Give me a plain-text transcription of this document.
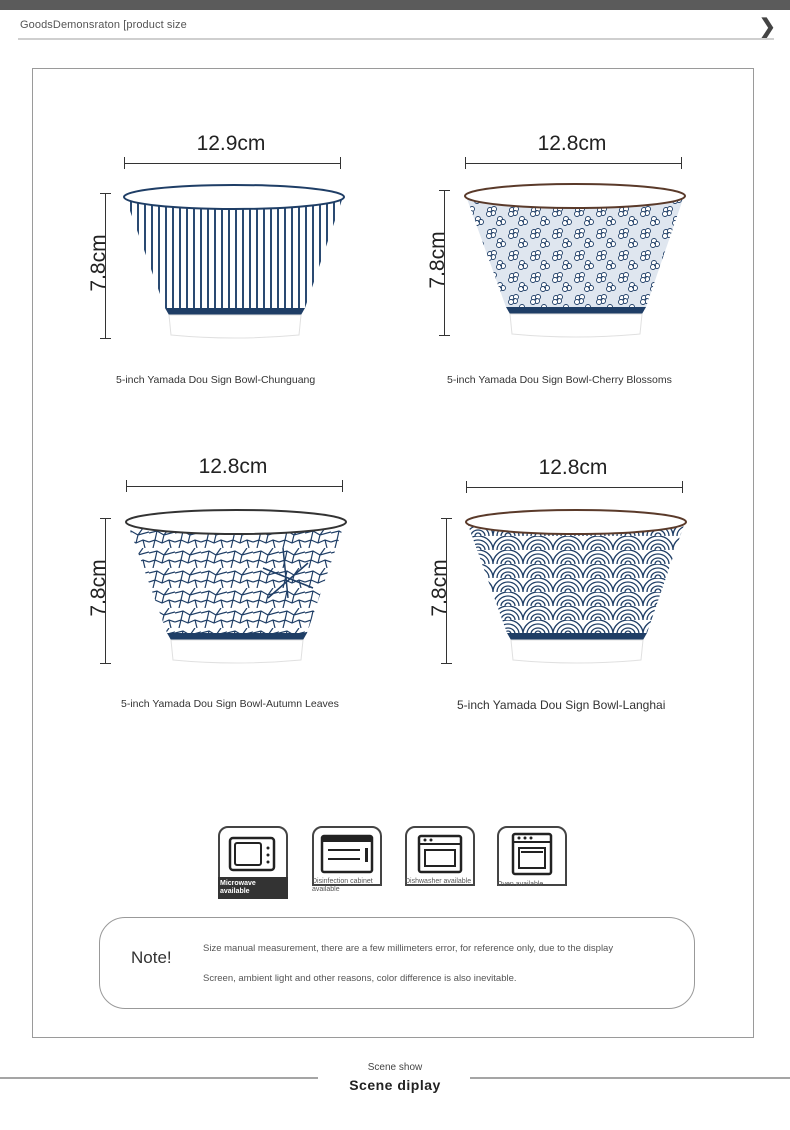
GoodsDemonsraton [product size	❯
12.9cm
7.8cm
5-inch Yamada Dou Sign Bowl-Chunguang
12.8cm
7.8cm
5-inch Yamada Dou Sign Bowl-Cherry Blossoms
12.8cm
7.8cm
5-inch Yamada Dou Sign Bowl-Autumn Leaves
12.8cm
7.8cm
5-inch Yamada Dou Sign Bowl-Langhai
Microwave available
Disinfection cabinet available
Dishwasher available	Oven available
Note!	Size manual measurement, there are a few millimeters error, for reference only, due to the display
Screen, ambient light and other reasons, color difference is also inevitable.
Scene show
Scene diplay
